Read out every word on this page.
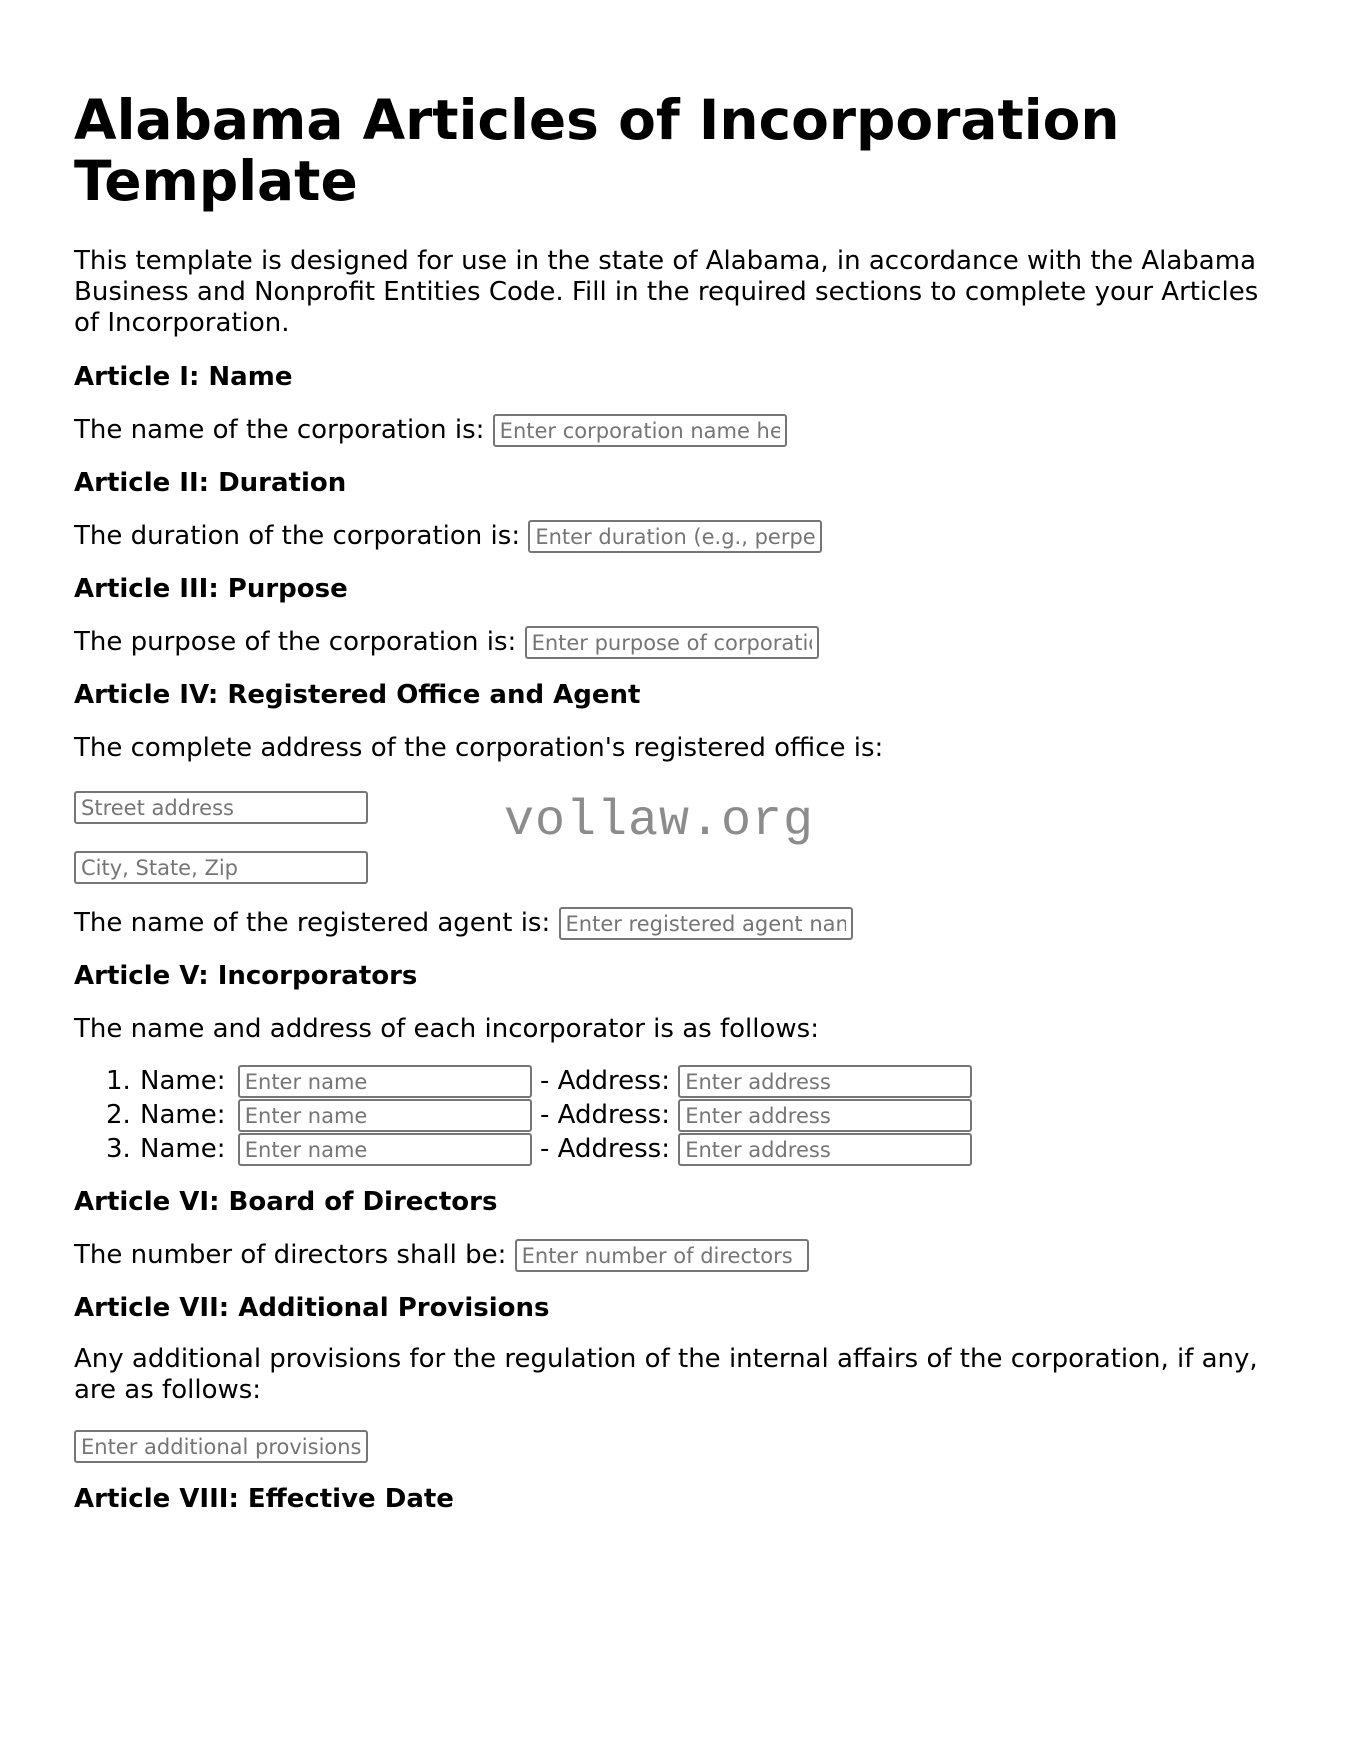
Alabama Articles of Incorporation Template

This template is designed for use in the state of Alabama, in accordance with the Alabama Business and Nonprofit Entities Code. Fill in the required sections to complete your Articles of Incorporation.

Article I: Name
The name of the corporation is: Enter corporation name here
Article II: Duration
The duration of the corporation is: Enter duration (e.g., perpetual)
Article III: Purpose
The purpose of the corporation is: Enter purpose of corporation
Article IV: Registered Office and Agent
The complete address of the corporation's registered office is:
Street address
City, State, Zip
vollaw.org
The name of the registered agent is: Enter registered agent name
Article V: Incorporators
The name and address of each incorporator is as follows:
1. Name: Enter name	- Address: Enter address
2. Name: Enter name	- Address: Enter address
3. Name: Enter name	- Address: Enter address
Article VI: Board of Directors
The number of directors shall be: Enter number of directors
Article VII: Additional Provisions

Any additional provisions for the regulation of the internal affairs of the corporation, if any, are as follows:

Enter additional provisions
Article VIII: Effective Date
